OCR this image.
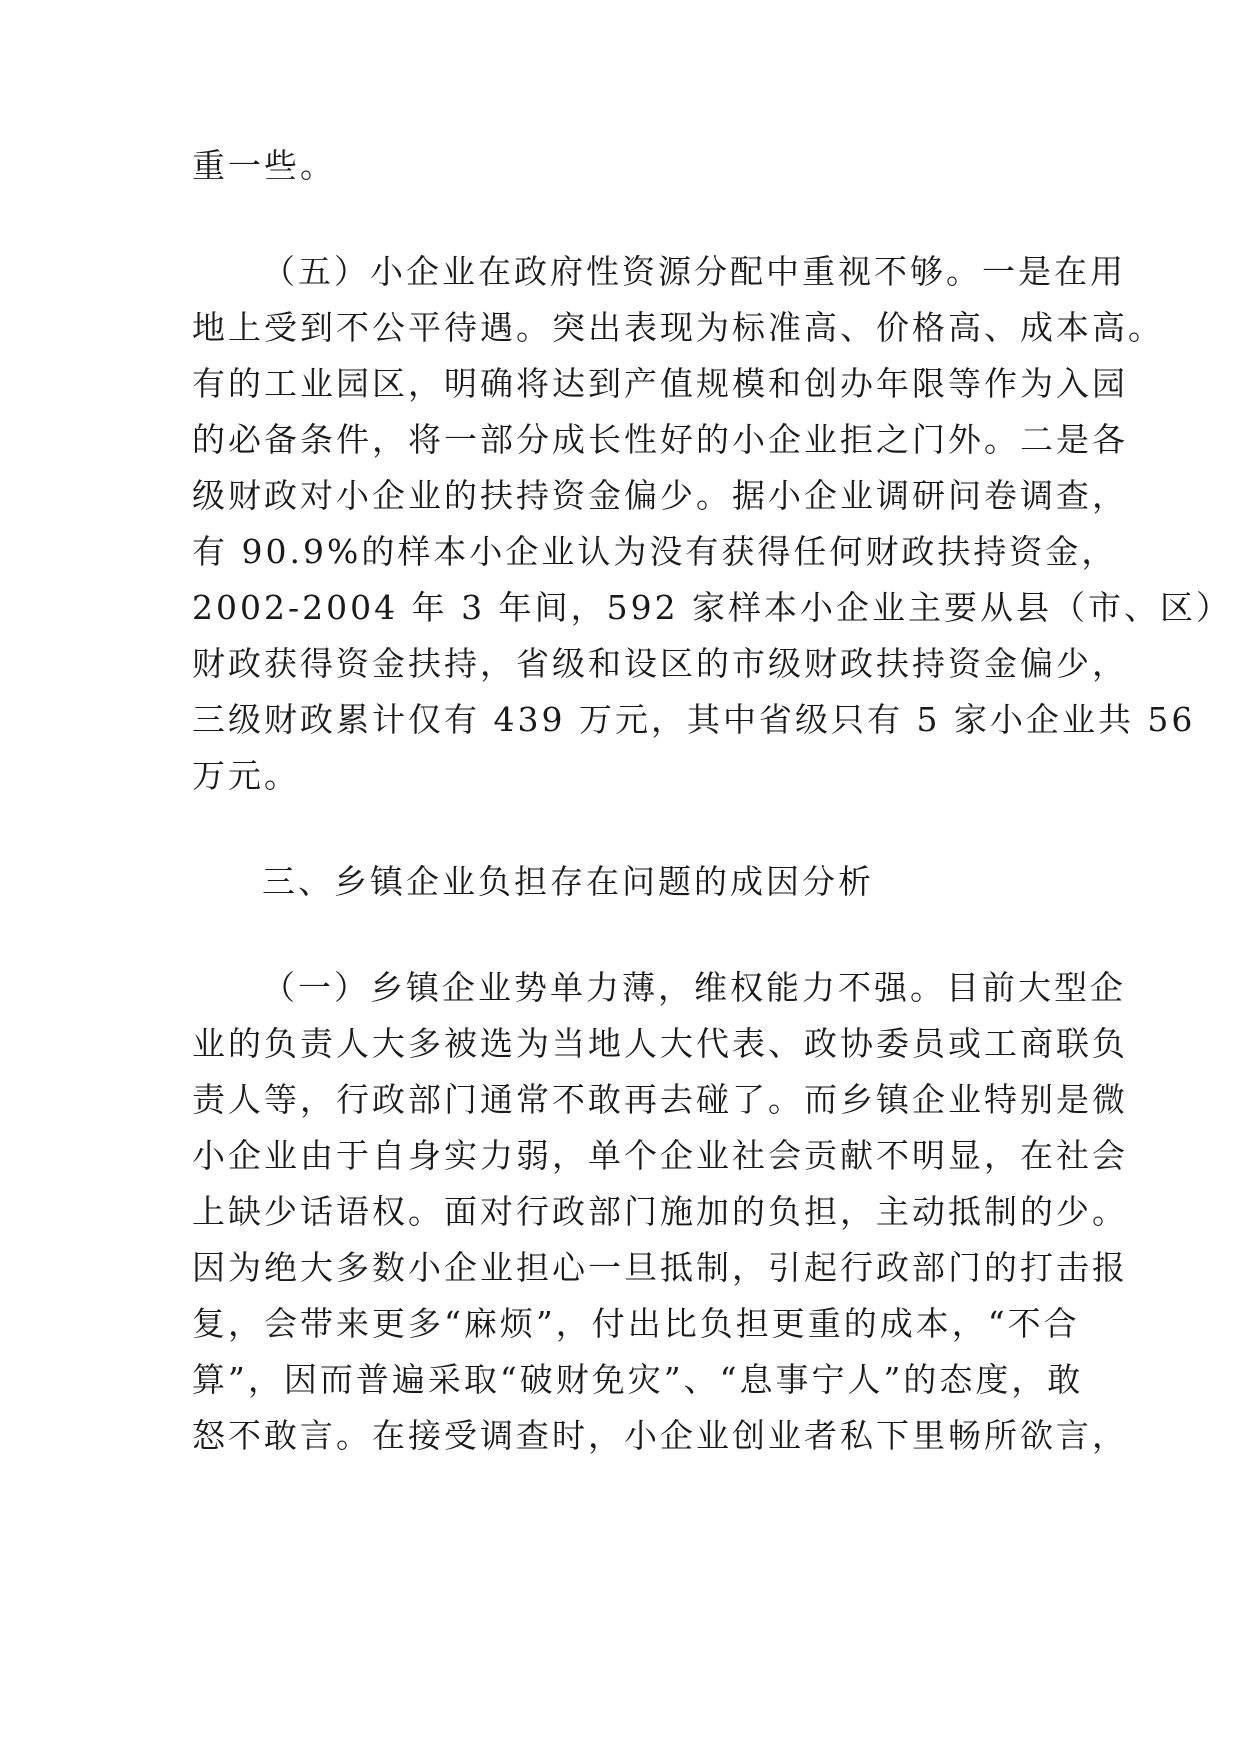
重一些。
（五）小企业在政府性资源分配中重视不够。一是在用
地上受到不公平待遇。突出表现为标准高、价格高、成本高。
有的工业园区，明确将达到产值规模和创办年限等作为入园
的必备条件，将一部分成长性好的小企业拒之门外。二是各
级财政对小企业的扶持资金偏少。据小企业调研问卷调查，
有 90.9%的样本小企业认为没有获得任何财政扶持资金，
2002-2004 年 3 年间，592 家样本小企业主要从县（市、区）
财政获得资金扶持，省级和设区的市级财政扶持资金偏少，
三级财政累计仅有 439 万元，其中省级只有 5 家小企业共 56
万元。
三、乡镇企业负担存在问题的成因分析
（一）乡镇企业势单力薄，维权能力不强。目前大型企
业的负责人大多被选为当地人大代表、政协委员或工商联负
责人等，行政部门通常不敢再去碰了。而乡镇企业特别是微
小企业由于自身实力弱，单个企业社会贡献不明显，在社会
上缺少话语权。面对行政部门施加的负担，主动抵制的少。
因为绝大多数小企业担心一旦抵制，引起行政部门的打击报
复，会带来更多“麻烦”，付出比负担更重的成本，“不合
算”，因而普遍采取“破财免灾”、“息事宁人”的态度，敢
怒不敢言。在接受调查时，小企业创业者私下里畅所欲言，
